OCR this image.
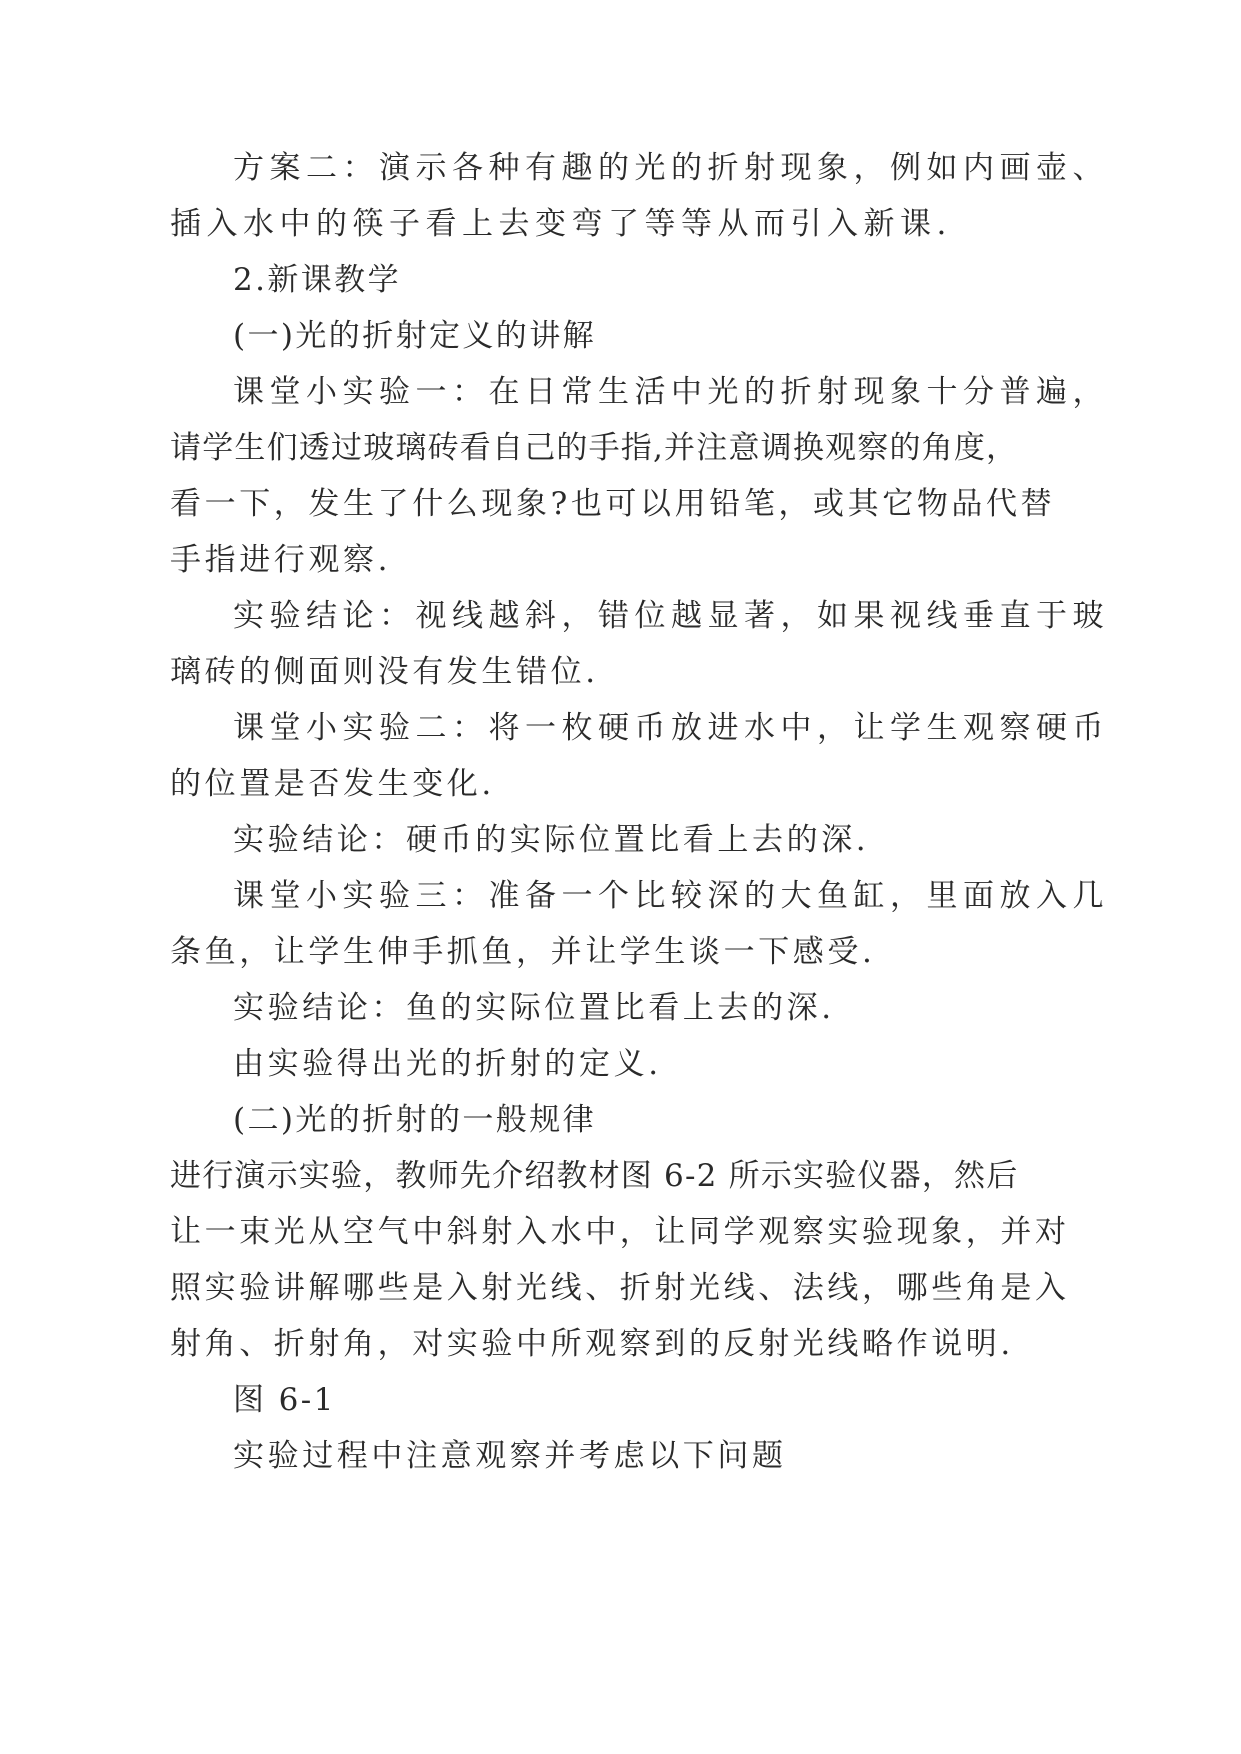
方案二：演示各种有趣的光的折射现象，例如内画壶、
插入水中的筷子看上去变弯了等等从而引入新课.
2.新课教学
(一)光的折射定义的讲解
课堂小实验一：在日常生活中光的折射现象十分普遍，
请学生们透过玻璃砖看自己的手指,并注意调换观察的角度，
看一下，发生了什么现象?也可以用铅笔，或其它物品代替
手指进行观察.
实验结论：视线越斜，错位越显著，如果视线垂直于玻
璃砖的侧面则没有发生错位.
课堂小实验二：将一枚硬币放进水中，让学生观察硬币
的位置是否发生变化.
实验结论：硬币的实际位置比看上去的深.
课堂小实验三：准备一个比较深的大鱼缸，里面放入几
条鱼，让学生伸手抓鱼，并让学生谈一下感受.
实验结论：鱼的实际位置比看上去的深.
由实验得出光的折射的定义.
(二)光的折射的一般规律
进行演示实验，教师先介绍教材图 6-2 所示实验仪器，然后
让一束光从空气中斜射入水中，让同学观察实验现象，并对
照实验讲解哪些是入射光线、折射光线、法线，哪些角是入
射角、折射角，对实验中所观察到的反射光线略作说明.
图 6-1
实验过程中注意观察并考虑以下问题
